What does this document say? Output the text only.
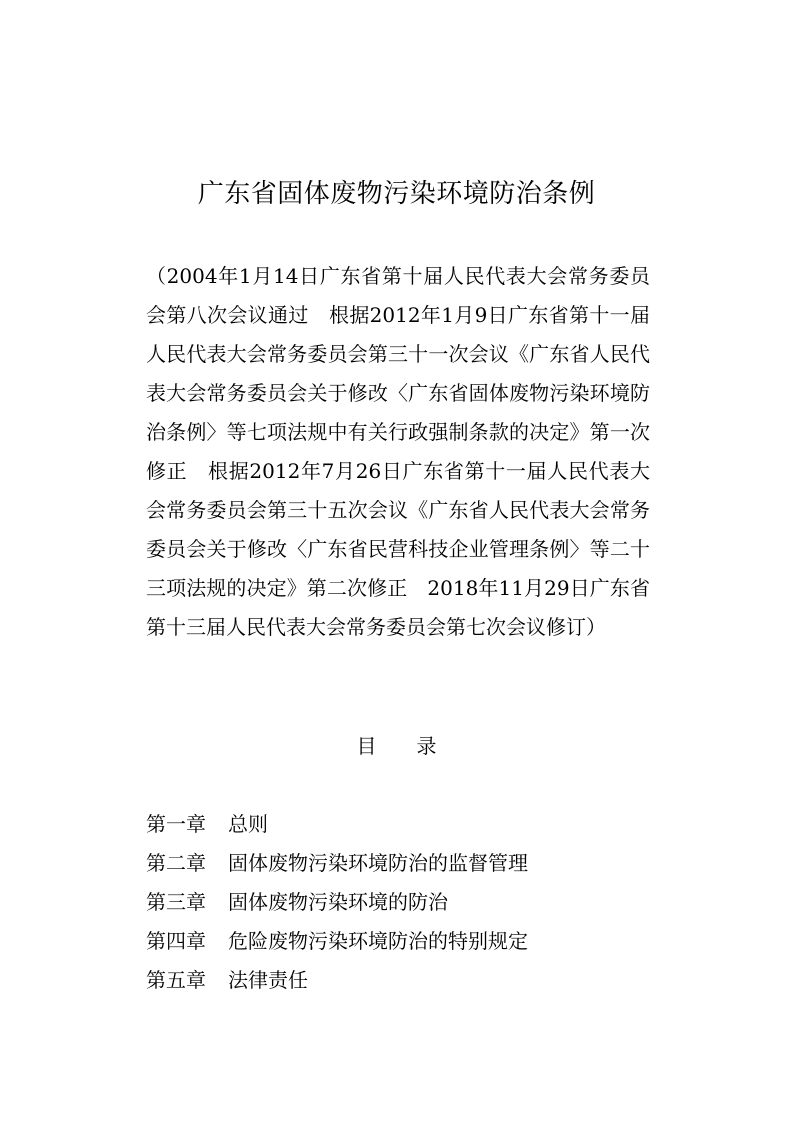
广东省固体废物污染环境防治条例

（2004年1月14日广东省第十届人民代表大会常务委员会第八次会议通过　根据2012年1月9日广东省第十一届人民代表大会常务委员会第三十一次会议《广东省人民代表大会常务委员会关于修改〈广东省固体废物污染环境防治条例〉等七项法规中有关行政强制条款的决定》第一次修正　根据2012年7月26日广东省第十一届人民代表大会常务委员会第三十五次会议《广东省人民代表大会常务委员会关于修改〈广东省民营科技企业管理条例〉等二十三项法规的决定》第二次修正　2018年11月29日广东省第十三届人民代表大会常务委员会第七次会议修订）

目 录
第一章 总则
第二章 固体废物污染环境防治的监督管理
第三章 固体废物污染环境的防治
第四章 危险废物污染环境防治的特别规定
第五章 法律责任
